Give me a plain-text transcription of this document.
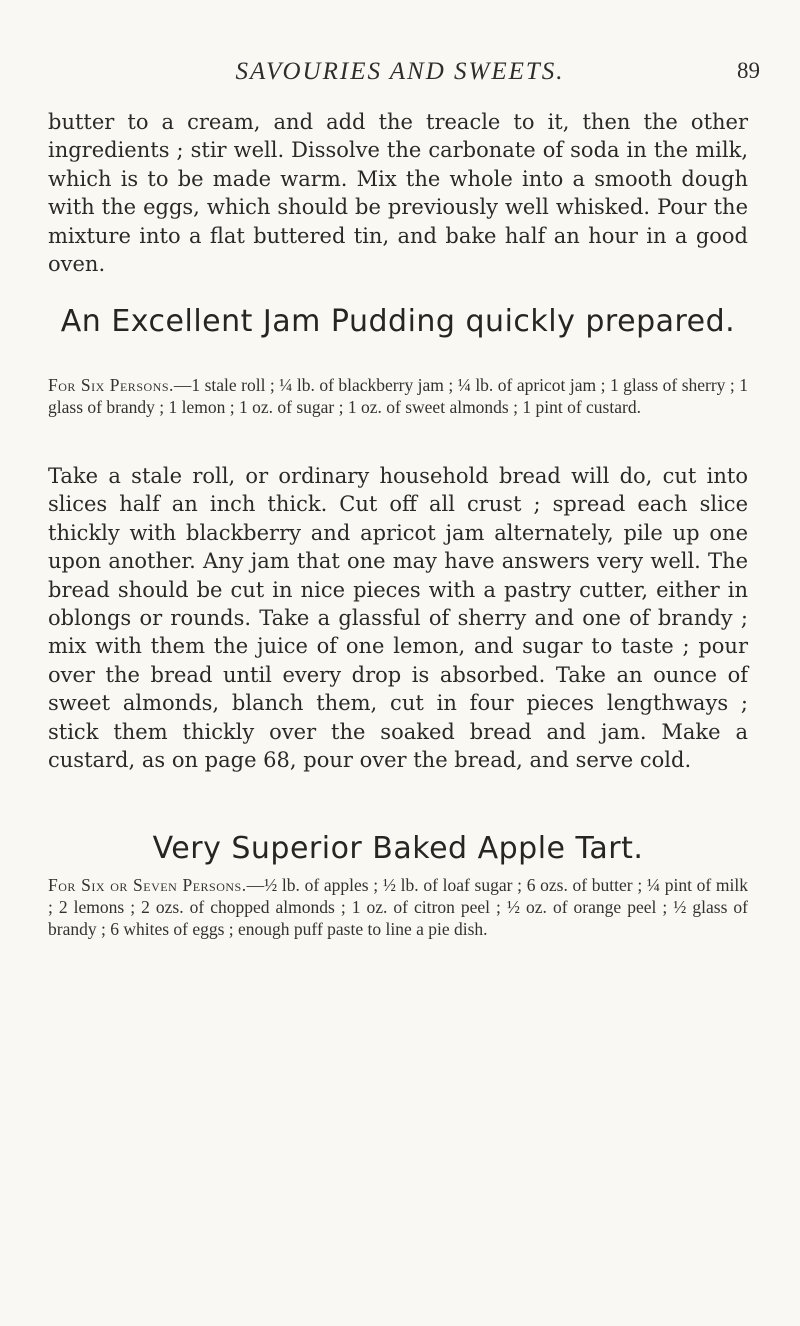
SAVOURIES AND SWEETS.	89

butter to a cream, and add the treacle to it, then the other ingredients ; stir well. Dissolve the carbonate of soda in the milk, which is to be made warm. Mix the whole into a smooth dough with the eggs, which should be previously well whisked. Pour the mixture into a flat buttered tin, and bake half an hour in a good oven.

An Excellent Jam Pudding quickly prepared.

For Six Persons.—1 stale roll ; ¼ lb. of blackberry jam ; ¼ lb. of apricot jam ; 1 glass of sherry ; 1 glass of brandy ; 1 lemon ; 1 oz. of sugar ; 1 oz. of sweet almonds ; 1 pint of custard.

Take a stale roll, or ordinary household bread will do, cut into slices half an inch thick. Cut off all crust ; spread each slice thickly with blackberry and apricot jam alternately, pile up one upon another. Any jam that one may have answers very well. The bread should be cut in nice pieces with a pastry cutter, either in oblongs or rounds. Take a glassful of sherry and one of brandy ; mix with them the juice of one lemon, and sugar to taste ; pour over the bread until every drop is absorbed. Take an ounce of sweet almonds, blanch them, cut in four pieces lengthways ; stick them thickly over the soaked bread and jam. Make a custard, as on page 68, pour over the bread, and serve cold.

Very Superior Baked Apple Tart.

For Six or Seven Persons.—½ lb. of apples ; ½ lb. of loaf sugar ; 6 ozs. of butter ; ¼ pint of milk ; 2 lemons ; 2 ozs. of chopped almonds ; 1 oz. of citron peel ; ½ oz. of orange peel ; ½ glass of brandy ; 6 whites of eggs ; enough puff paste to line a pie dish.
